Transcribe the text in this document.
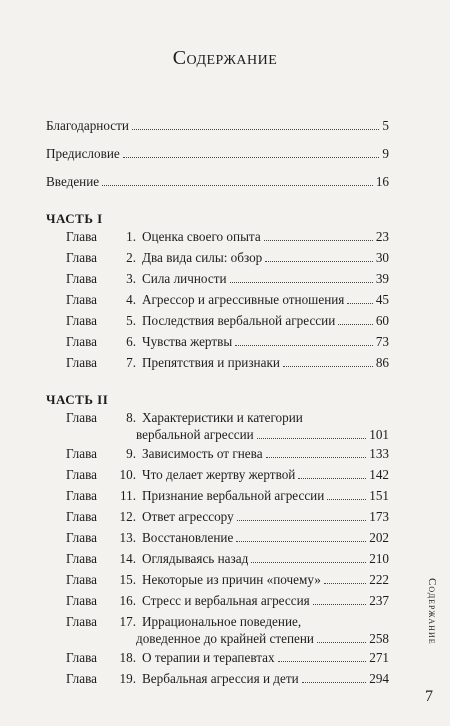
Содержание
Благодарности	5
Предисловие	9
Введение	16
ЧАСТЬ I
Глава	1. Оценка своего опыта	23
Глава	2. Два вида силы: обзор	30
Глава	3. Сила личности	39
Глава	4. Агрессор и агрессивные отношения 45
Глава	5. Последствия вербальной агрессии	60
Глава	6. Чувства жертвы	73
Глава	7. Препятствия и признаки	86
ЧАСТЬ II
Глава	8. Характеристики и категории
вербальной агрессии	101
Глава	9. Зависимость от гнева	133
Глава	10. Что делает жертву жертвой	142
Глава	11. Признание вербальной агрессии	151
Глава	12. Ответ агрессору	173
Глава	13. Восстановление	202
Глава	14. Оглядываясь назад	210
Глава	15. Некоторые из причин «почему»	222
Глава	16. Стресс и вербальная агрессия	237
Глава	17. Иррациональное поведение,
доведенное до крайней степени	258
Глава	18. О терапии и терапевтах	271
Глава	19. Вербальная агрессия и дети	294
Содержание
7
